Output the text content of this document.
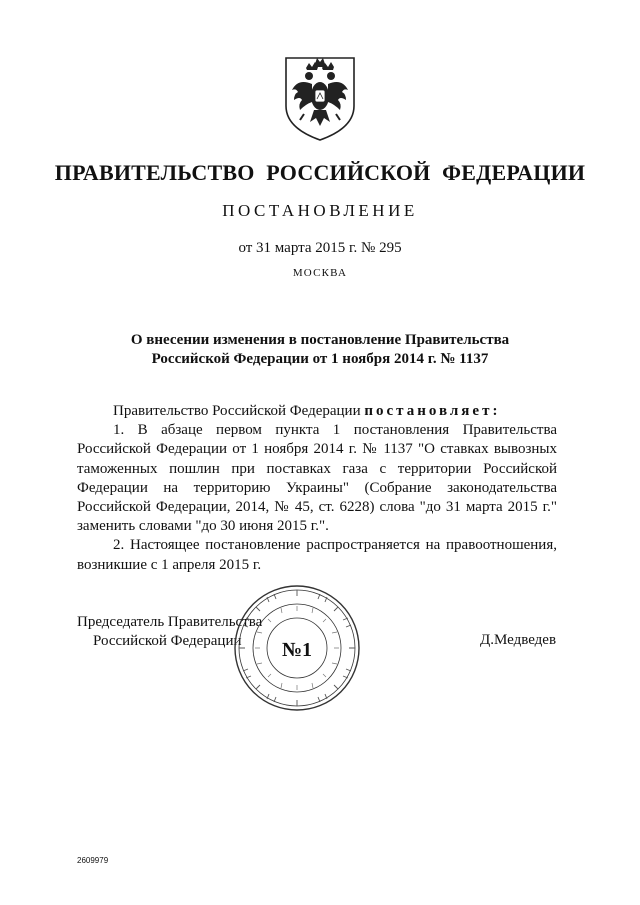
ПРАВИТЕЛЬСТВО РОССИЙСКОЙ ФЕДЕРАЦИИ
ПОСТАНОВЛЕНИЕ
от 31 марта 2015 г. № 295
МОСКВА
О внесении изменения в постановление Правительства
Российской Федерации от 1 ноября 2014 г. № 1137

Правительство Российской Федерации постановляет:

1. В абзаце первом пункта 1 постановления Правительства Российской Федерации от 1 ноября 2014 г. № 1137 "О ставках вывозных таможенных пошлин при поставках газа с территории Российской Федерации на территорию Украины" (Собрание законодательства Российской Федерации, 2014, № 45, ст. 6228) слова "до 31 марта 2015 г." заменить словами "до 30 июня 2015 г.".

2. Настоящее постановление распространяется на правоотношения, возникшие с 1 апреля 2015 г.

Председатель Правительства
Российской Федерации	Д.Медведев
№1
2609979
